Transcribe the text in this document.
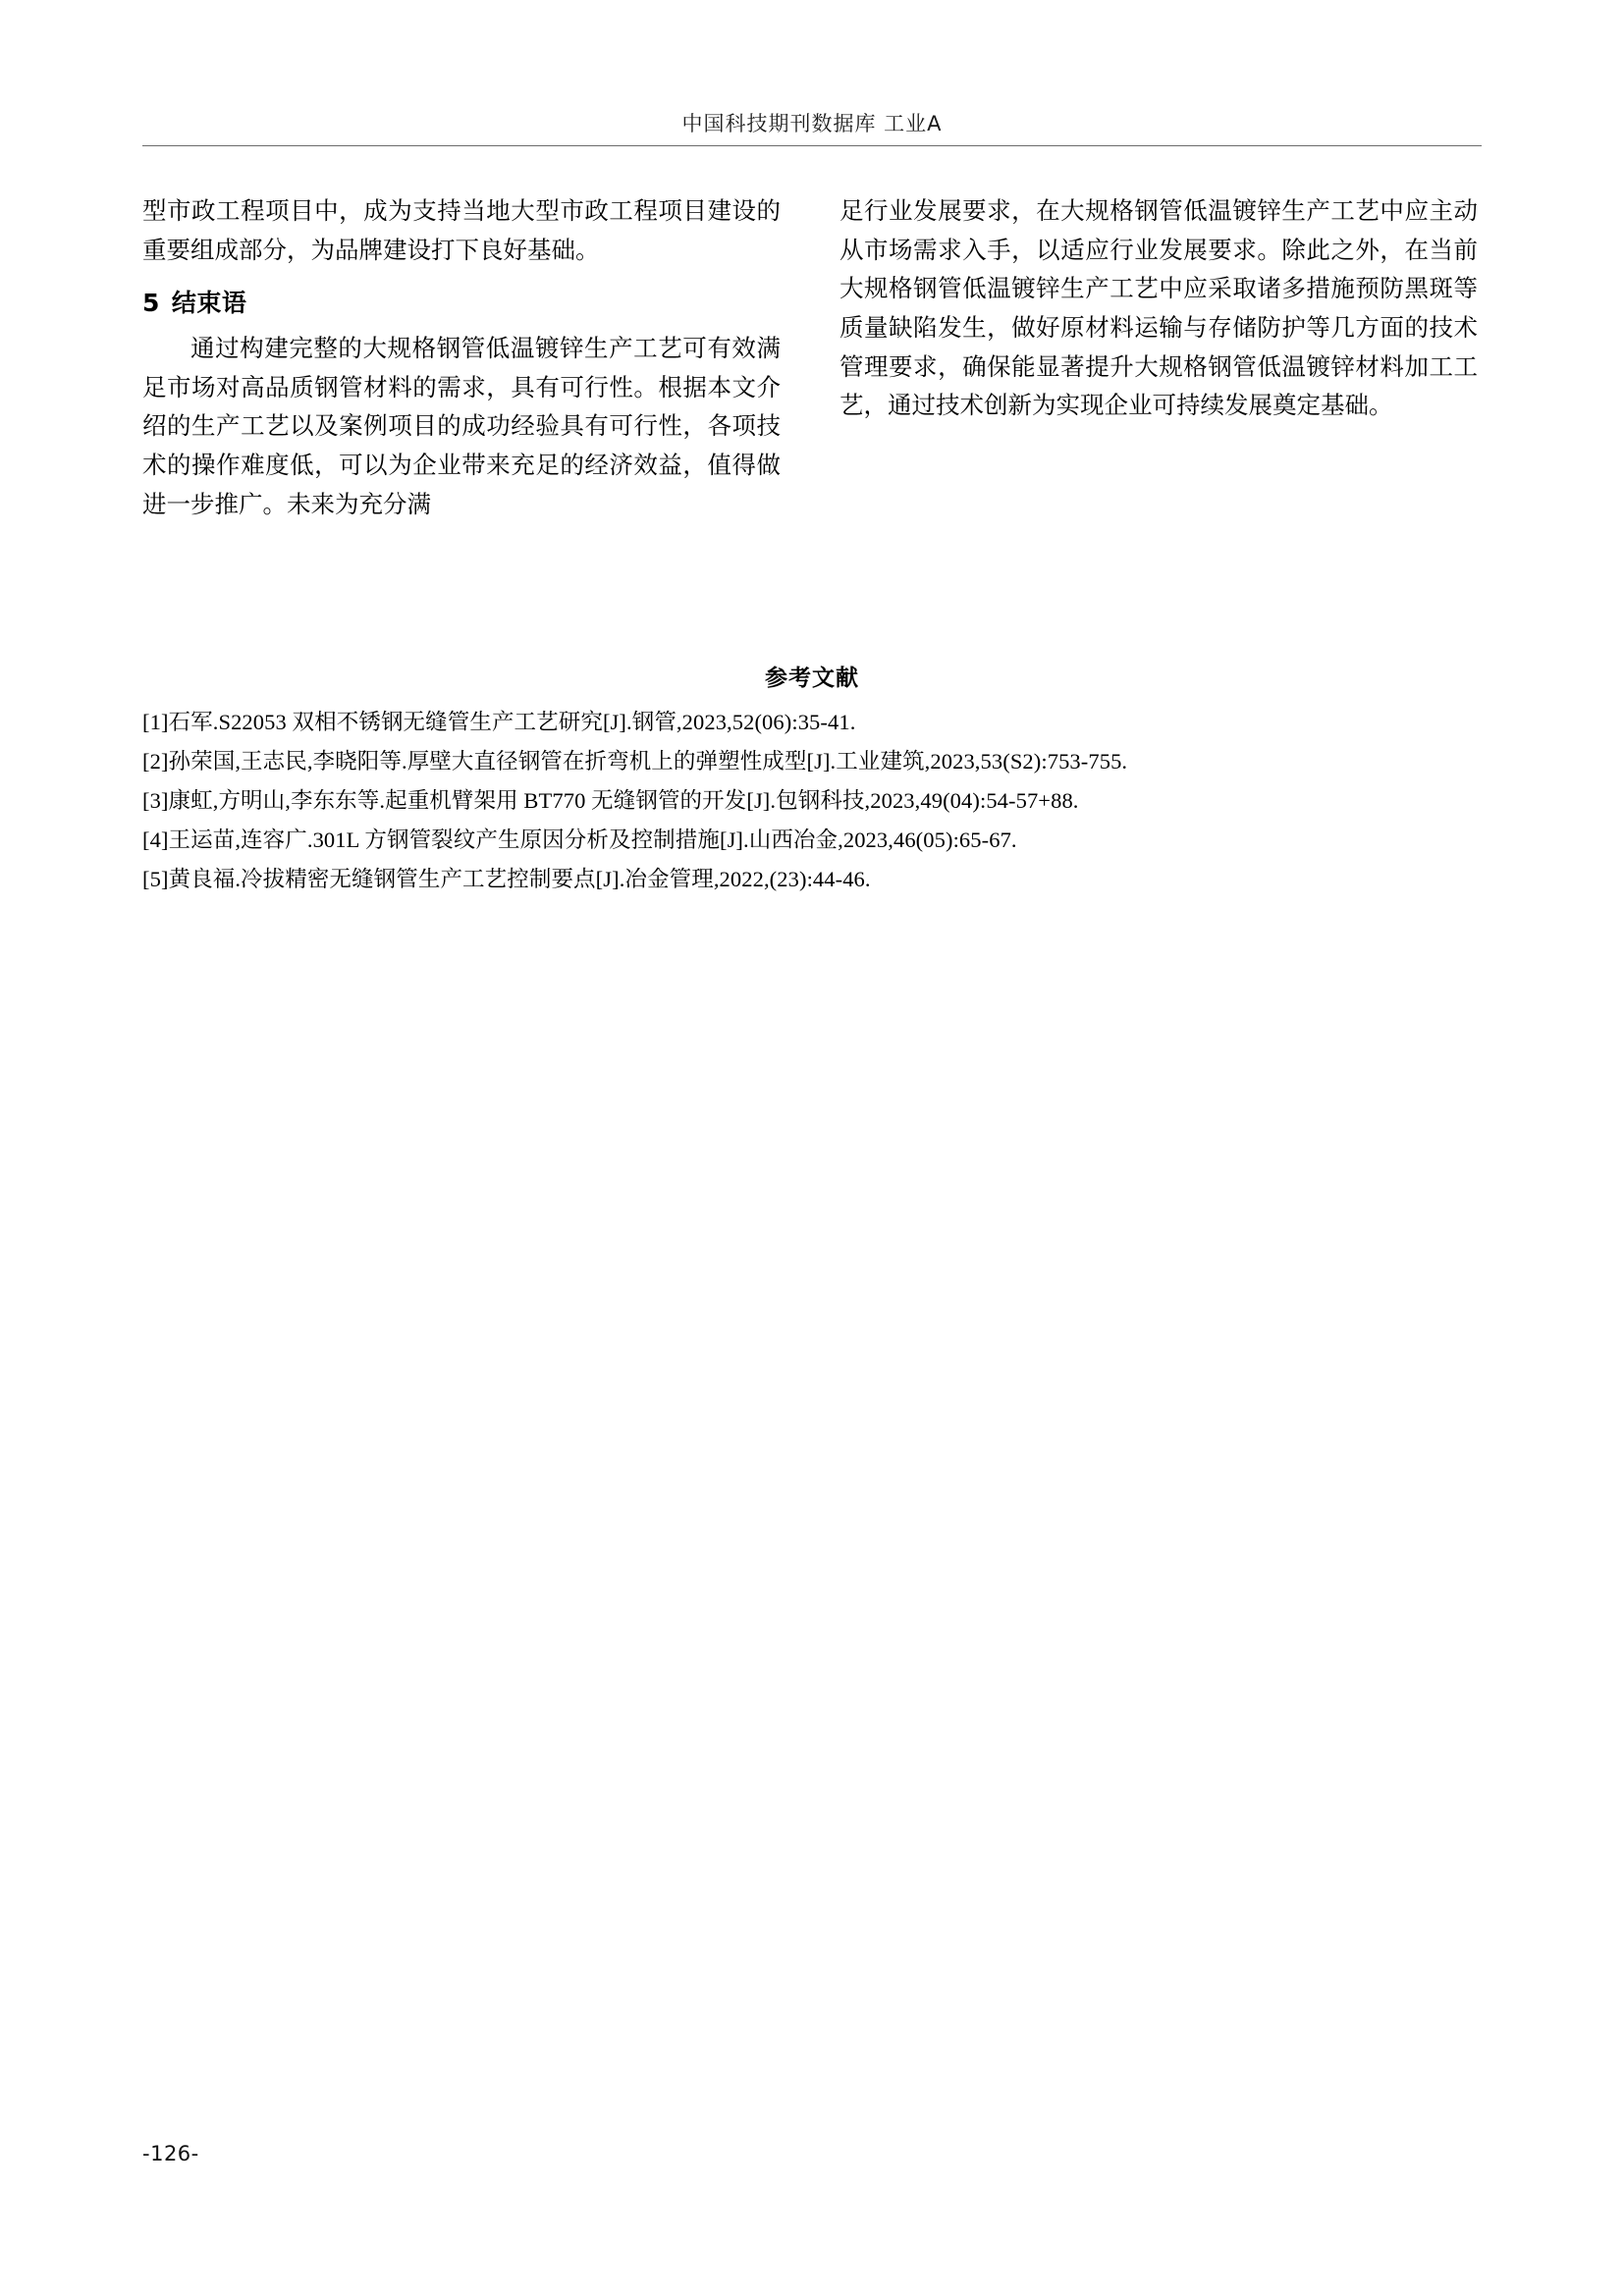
中国科技期刊数据库 工业A

型市政工程项目中，成为支持当地大型市政工程项目建设的重要组成部分，为品牌建设打下良好基础。

5 结束语

通过构建完整的大规格钢管低温镀锌生产工艺可有效满足市场对高品质钢管材料的需求，具有可行性。根据本文介绍的生产工艺以及案例项目的成功经验具有可行性，各项技术的操作难度低，可以为企业带来充足的经济效益，值得做进一步推广。未来为充分满

足行业发展要求，在大规格钢管低温镀锌生产工艺中应主动从市场需求入手，以适应行业发展要求。除此之外，在当前大规格钢管低温镀锌生产工艺中应采取诸多措施预防黑斑等质量缺陷发生，做好原材料运输与存储防护等几方面的技术管理要求，确保能显著提升大规格钢管低温镀锌材料加工工艺，通过技术创新为实现企业可持续发展奠定基础。

参考文献
[1]石军.S22053 双相不锈钢无缝管生产工艺研究[J].钢管,2023,52(06):35-41.
[2]孙荣国,王志民,李晓阳等.厚壁大直径钢管在折弯机上的弹塑性成型[J].工业建筑,2023,53(S2):753-755.
[3]康虹,方明山,李东东等.起重机臂架用 BT770 无缝钢管的开发[J].包钢科技,2023,49(04):54-57+88.
[4]王运苗,连容广.301L 方钢管裂纹产生原因分析及控制措施[J].山西冶金,2023,46(05):65-67.
[5]黄良福.冷拔精密无缝钢管生产工艺控制要点[J].冶金管理,2022,(23):44-46.
-126-
